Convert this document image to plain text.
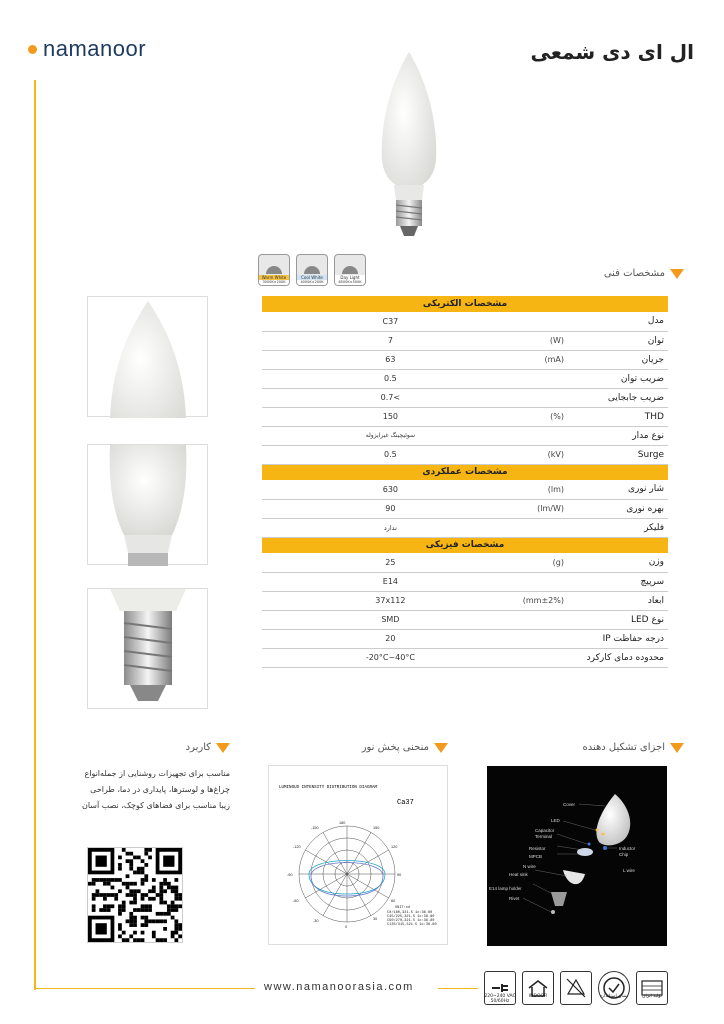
namanoor	ال ای دی شمعی
Warm White
3000K±200K
Cool White
4000K±200K
Day Light
6500K±500K
مشخصات فنی
مشخصات الکتریکی		
C37		مدل
7	(W)	توان
63	(mA)	جریان
0.5		ضریب توان
>0.7		ضریب جابجایی
150	(%)	THD
سوئیچینگ غیرایزوله		نوع مدار
0.5	(kV)	Surge
مشخصات عملکردی		
630	(lm)	شار نوری
90	(lm/W)	بهره نوری
ندارد		فلیکر
مشخصات فیزیکی		
25	(g)	وزن
E14		سرپیچ
37x112	(mm±2%)	ابعاد
SMD		نوع LED
20		درجه حفاظت IP
-20°C~40°C		محدوده دمای کارکرد
کاربرد	منحنی پخش نور	اجزای تشکیل دهنده
مناسب برای تجهیزات روشنایی از جمله‌انواع چراغ‌ها و لوسترها، پایداری در دما، طراحی زیبا مناسب برای فضاهای کوچک، نصب آسان
LUMINOUS INTENSITY DISTRIBUTION DIAGRAM
Ca37
180
150
120
90
60
30
0
-30
-60
-90
-120
-150
UNIT:cd
C0/180,321.5 1c:36.80
C45/225,321.5 1c:36.80
C90/270,321.5 1c:36.80
C135/315,321.5 1c:36.80
Cover
LED
Capacitor
Terminal
Resistor	Inductor
Chip
MPCB
N wire
L wire
Heat sink
E14 lamp holder
Rivet
www.namanoorasia.com
220~240 VAC 50/60Hz
INDOOR	نشان استاندارد	تولید ایران
